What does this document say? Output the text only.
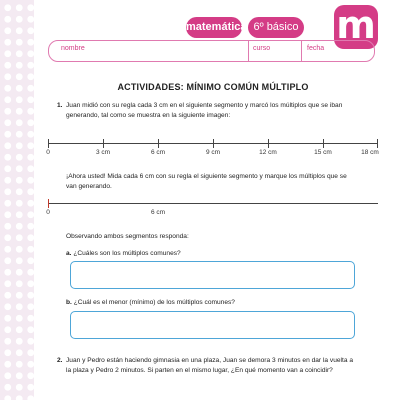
matemática 6º básico m
nombre	curso	fecha
ACTIVIDADES: MÍNIMO COMÚN MÚLTIPLO
1. Juan midió con su regla cada 3 cm en el siguiente segmento y marcó los múltiplos que se iban
generando, tal como se muestra en la siguiente imagen:
0	3 cm	6 cm	9 cm	12 cm	15 cm	18 cm
¡Ahora usted! Mida cada 6 cm con su regla el siguiente segmento y marque los múltiplos que se
van generando.
0	6 cm
Observando ambos segmentos responda:
a. ¿Cuáles son los múltiplos comunes?
b. ¿Cuál es el menor (mínimo) de los múltiplos comunes?
2. Juan y Pedro están haciendo gimnasia en una plaza, Juan se demora 3 minutos en dar la vuelta a
la plaza y Pedro 2 minutos. Si parten en el mismo lugar, ¿En qué momento van a coincidir?
